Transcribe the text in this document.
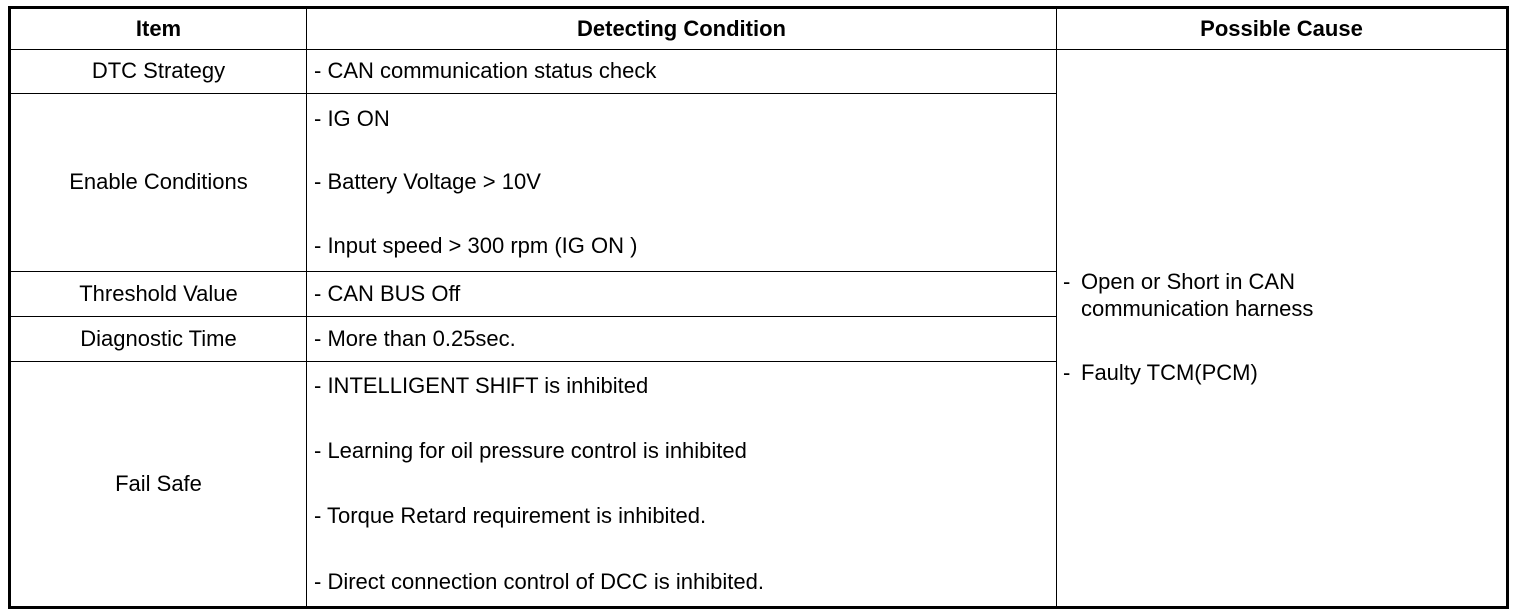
Item	Detecting Condition	Possible Cause
DTC Strategy	- CAN communication status check	- Open or Short in CAN
communication harness
- Faulty TCM(PCM)

Enable Conditions	- IG ON
- Battery Voltage > 10V
- Input speed > 300 rpm (IG ON )	

Threshold Value	- CAN BUS Off	

Diagnostic Time	- More than 0.25sec.	

Fail Safe	- INTELLIGENT SHIFT is inhibited
- Learning for oil pressure control is inhibited
- Torque Retard requirement is inhibited.
- Direct connection control of DCC is inhibited.	
